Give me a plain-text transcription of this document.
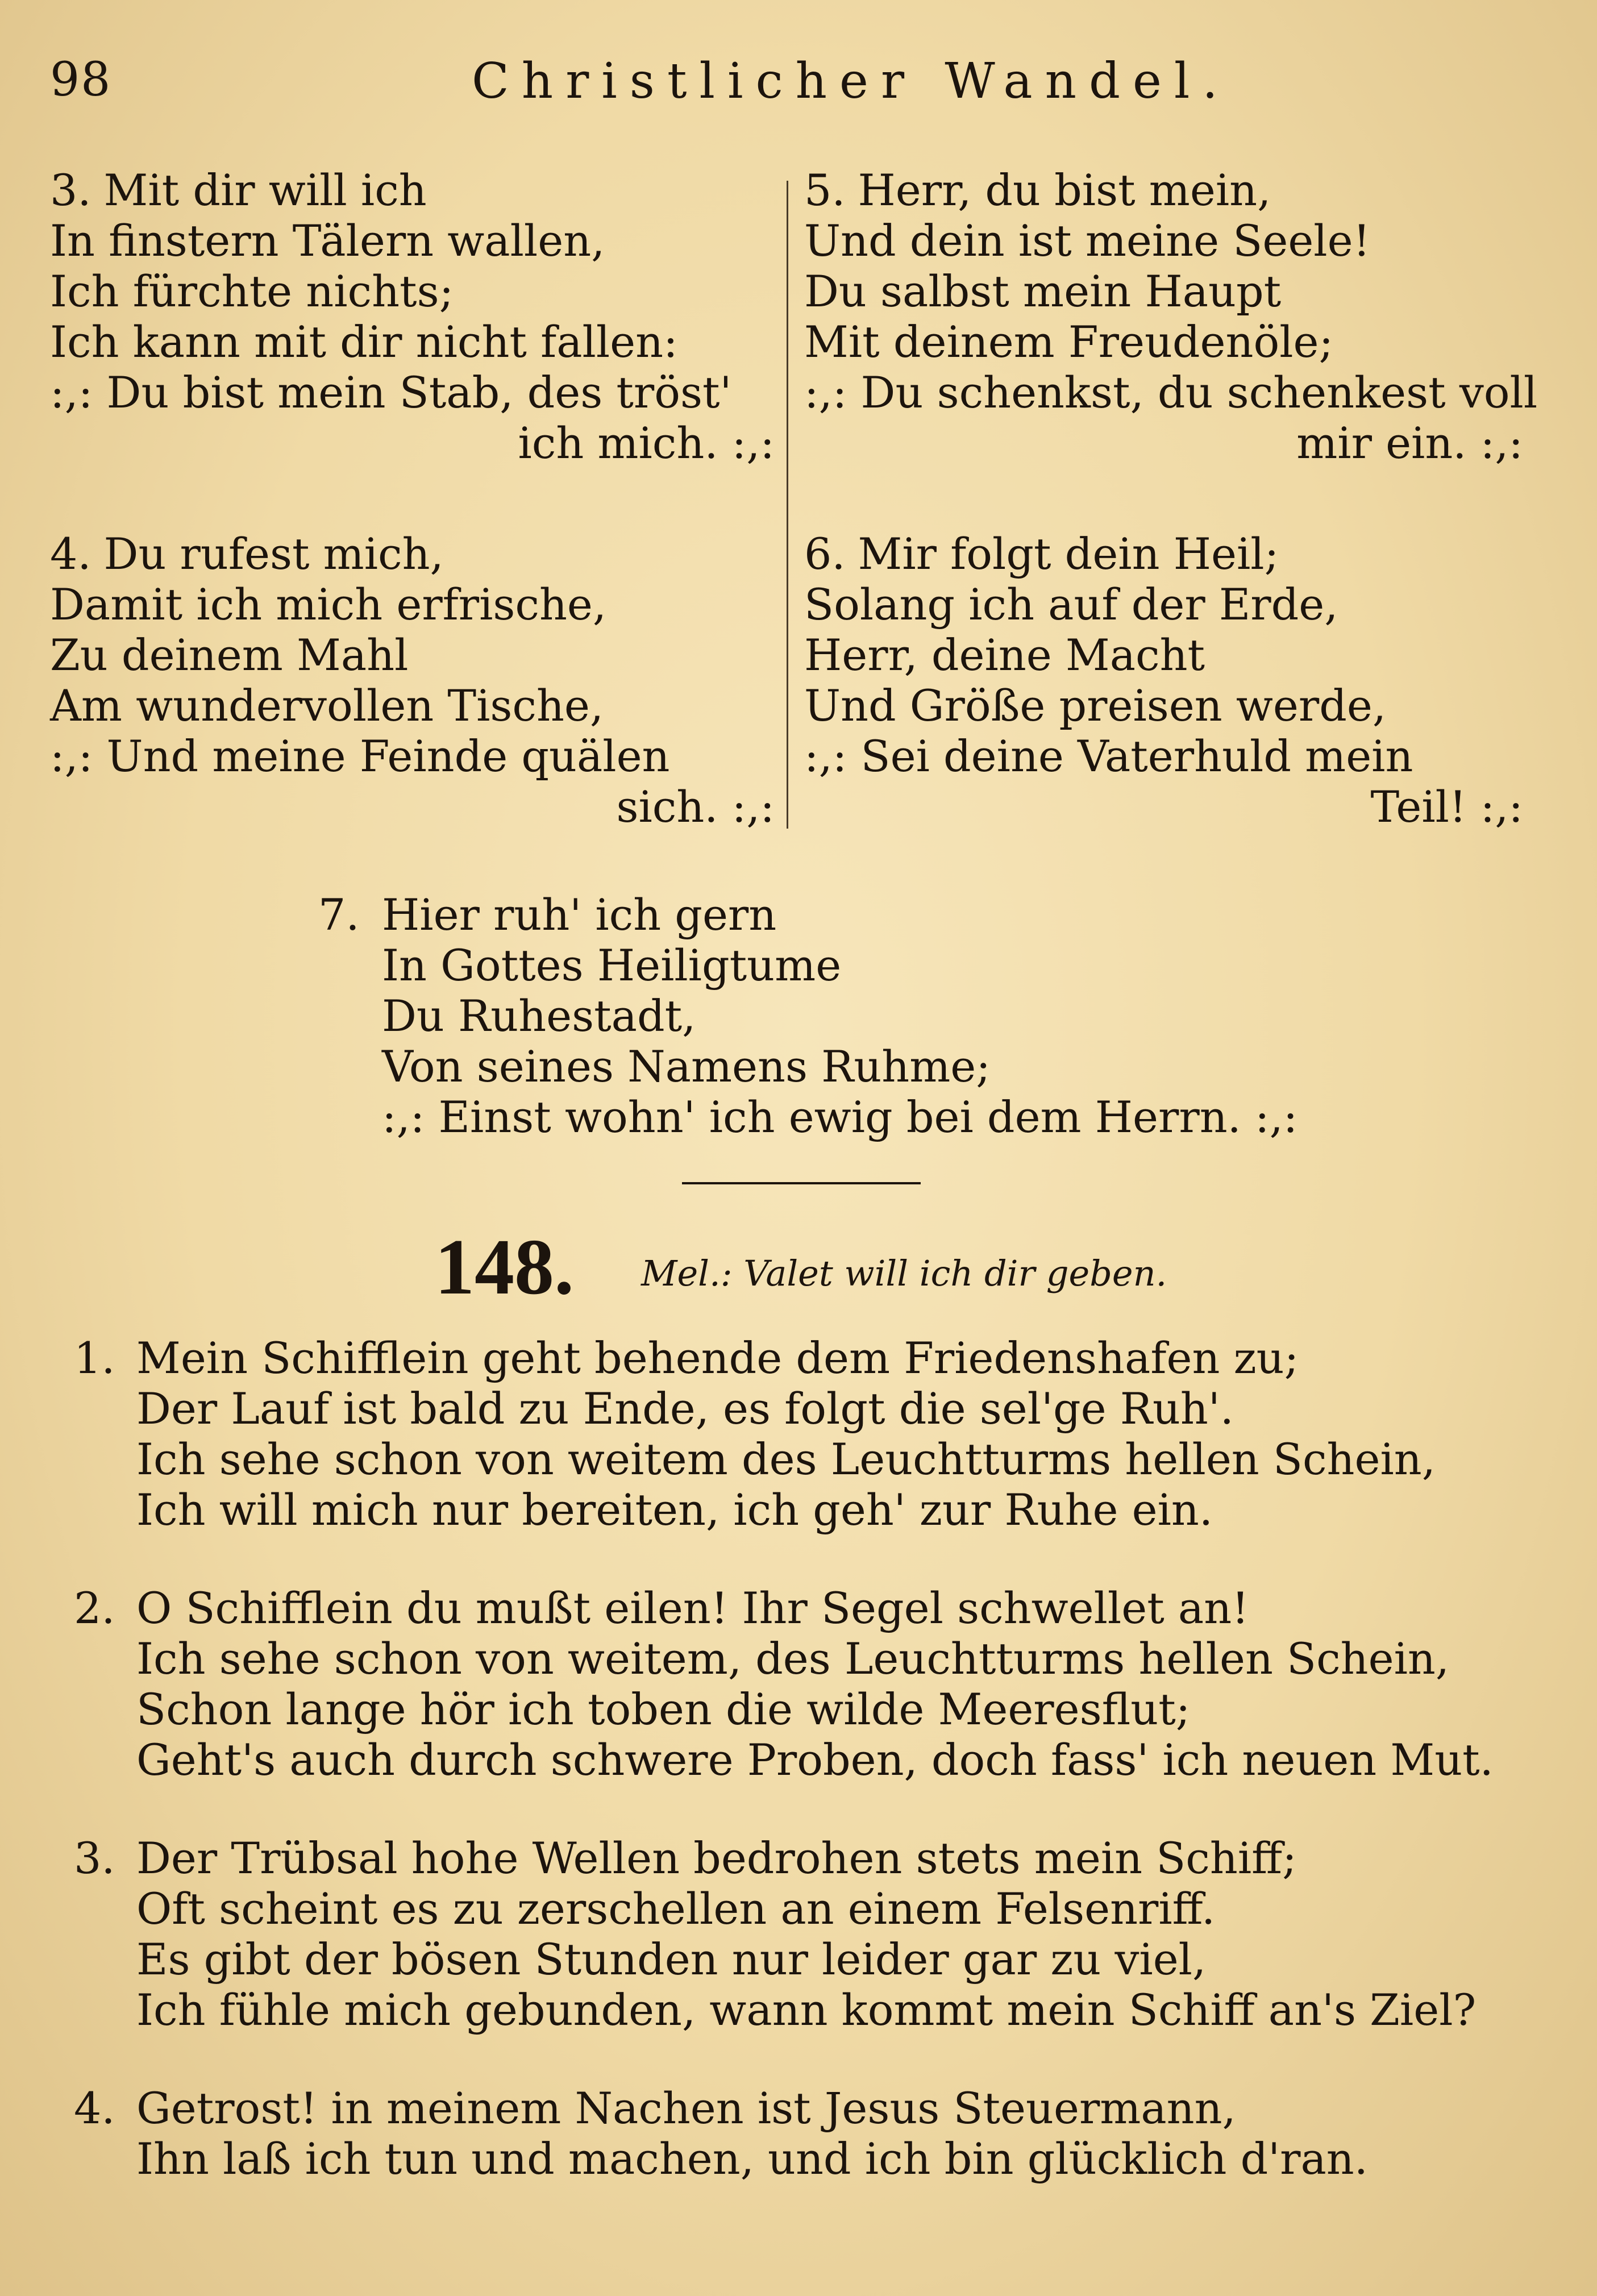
98	Christlicher Wandel.
3. Mit dir will ich
In finstern Tälern wallen,
Ich fürchte nichts;
Ich kann mit dir nicht fallen:
:,: Du bist mein Stab, des tröst'
ich mich. :,:
4. Du rufest mich,
Damit ich mich erfrische,
Zu deinem Mahl
Am wundervollen Tische,
:,: Und meine Feinde quälen
sich. :,:
5. Herr, du bist mein,
Und dein ist meine Seele!
Du salbst mein Haupt
Mit deinem Freudenöle;
:,: Du schenkst, du schenkest voll
mir ein. :,:
6. Mir folgt dein Heil;
Solang ich auf der Erde,
Herr, deine Macht
Und Größe preisen werde,
:,: Sei deine Vaterhuld mein
Teil! :,:
7. Hier ruh' ich gern
In Gottes Heiligtume
Du Ruhestadt,
Von seines Namens Ruhme;
:,: Einst wohn' ich ewig bei dem Herrn. :,:
148. Mel.: Valet will ich dir geben.
1. Mein Schifflein geht behende dem Friedenshafen zu;
Der Lauf ist bald zu Ende, es folgt die sel'ge Ruh'.
Ich sehe schon von weitem des Leuchtturms hellen Schein,
Ich will mich nur bereiten, ich geh' zur Ruhe ein.
2. O Schifflein du mußt eilen! Ihr Segel schwellet an!
Ich sehe schon von weitem, des Leuchtturms hellen Schein,
Schon lange hör ich toben die wilde Meeresflut;
Geht's auch durch schwere Proben, doch fass' ich neuen Mut.
3. Der Trübsal hohe Wellen bedrohen stets mein Schiff;
Oft scheint es zu zerschellen an einem Felsenriff.
Es gibt der bösen Stunden nur leider gar zu viel,
Ich fühle mich gebunden, wann kommt mein Schiff an's Ziel?
4. Getrost! in meinem Nachen ist Jesus Steuermann,
Ihn laß ich tun und machen, und ich bin glücklich d'ran.
